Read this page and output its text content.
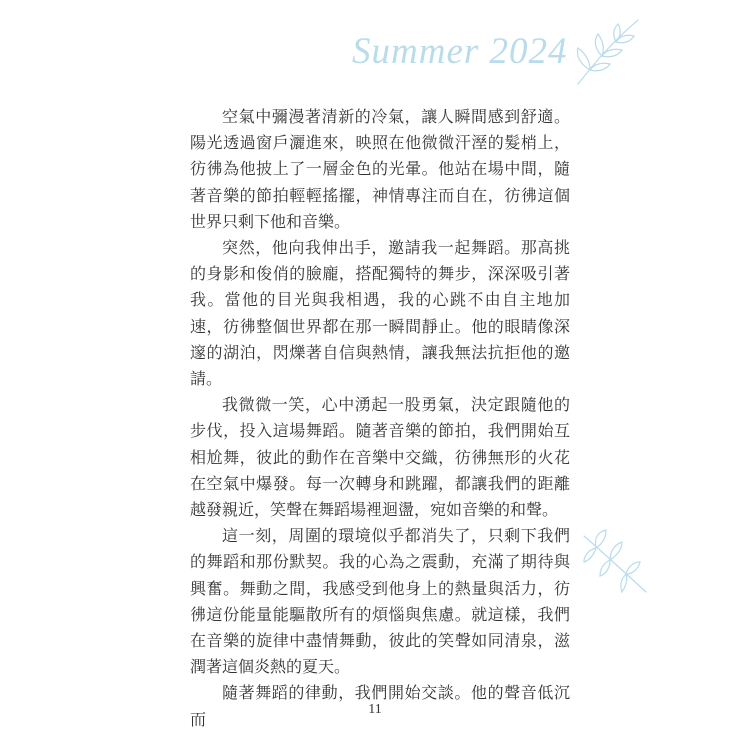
Summer 2024

空氣中彌漫著清新的冷氣，讓人瞬間感到舒適。陽光透過窗戶灑進來，映照在他微微汗溼的髮梢上，彷彿為他披上了一層金色的光暈。他站在場中間，隨著音樂的節拍輕輕搖擺，神情專注而自在，彷彿這個世界只剩下他和音樂。

突然，他向我伸出手，邀請我一起舞蹈。那高挑的身影和俊俏的臉龐，搭配獨特的舞步，深深吸引著我。當他的目光與我相遇，我的心跳不由自主地加速，彷彿整個世界都在那一瞬間靜止。他的眼睛像深邃的湖泊，閃爍著自信與熱情，讓我無法抗拒他的邀請。

我微微一笑，心中湧起一股勇氣，決定跟隨他的步伐，投入這場舞蹈。隨著音樂的節拍，我們開始互相尬舞，彼此的動作在音樂中交織，彷彿無形的火花在空氣中爆發。每一次轉身和跳躍，都讓我們的距離越發親近，笑聲在舞蹈場裡迴盪，宛如音樂的和聲。

這一刻，周圍的環境似乎都消失了，只剩下我們的舞蹈和那份默契。我的心為之震動，充滿了期待與興奮。舞動之間，我感受到他身上的熱量與活力，彷彿這份能量能驅散所有的煩惱與焦慮。就這樣，我們在音樂的旋律中盡情舞動，彼此的笑聲如同清泉，滋潤著這個炎熱的夏天。

隨著舞蹈的律動，我們開始交談。他的聲音低沉而

11
